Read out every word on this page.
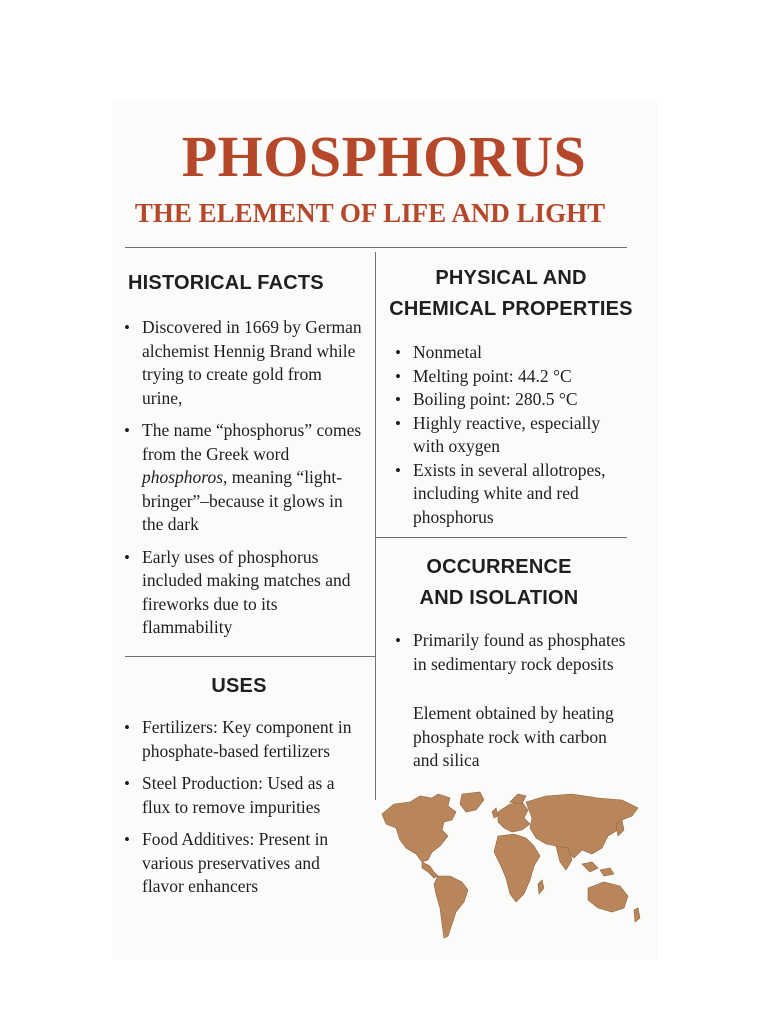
PHOSPHORUS
THE ELEMENT OF LIFE AND LIGHT
HISTORICAL FACTS
• Discovered in 1669 by German alchemist Hennig Brand while trying to create gold from urine,
• The name “phosphorus” comes from the Greek word phosphoros, meaning “light-bringer”–because it glows in the dark
• Early uses of phosphorus included making matches and fireworks due to its flammability
USES
• Fertilizers: Key component in phosphate-based fertilizers
• Steel Production: Used as a flux to remove impurities
• Food Additives: Present in various preservatives and flavor enhancers
PHYSICAL AND
CHEMICAL PROPERTIES
• Nonmetal
• Melting point: 44.2 °C
• Boiling point: 280.5 °C
• Highly reactive, especially with oxygen
• Exists in several allotropes, including white and red phosphorus
OCCURRENCE
AND ISOLATION
• Primarily found as phosphates in sedimentary rock deposits
Element obtained by heating phosphate rock with carbon and silica
